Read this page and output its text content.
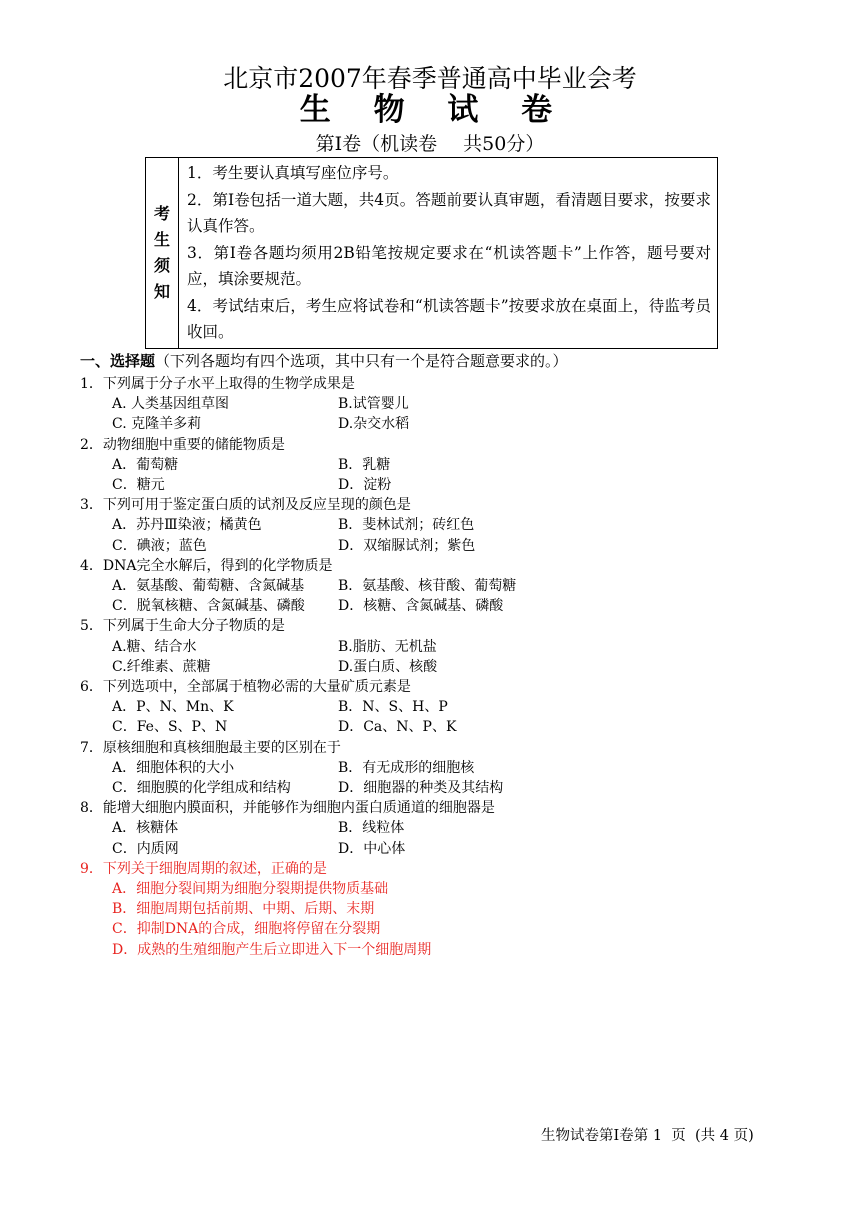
北京市2007年春季普通高中毕业会考
生 物 试 卷
第Ⅰ卷（机读卷 共50分）
考
生
须
知

1．考生要认真填写座位序号。

2．第Ⅰ卷包括一道大题，共4页。答题前要认真审题，看清题目要求，按要求认真作答。

3．第Ⅰ卷各题均须用2B铅笔按规定要求在“机读答题卡”上作答，题号要对应，填涂要规范。

4．考试结束后，考生应将试卷和“机读答题卡”按要求放在桌面上，待监考员收回。

一、选择题（下列各题均有四个选项，其中只有一个是符合题意要求的。）
1．下列属于分子水平上取得的生物学成果是
A. 人类基因组草图	B.试管婴儿
C. 克隆羊多莉	D.杂交水稻
2．动物细胞中重要的储能物质是
A．葡萄糖	B．乳糖
C．糖元	D．淀粉
3．下列可用于鉴定蛋白质的试剂及反应呈现的颜色是
A．苏丹Ⅲ染液；橘黄色	B．斐林试剂；砖红色
C．碘液；蓝色	D．双缩脲试剂；紫色
4．DNA完全水解后，得到的化学物质是
A．氨基酸、葡萄糖、含氮碱基	B．氨基酸、核苷酸、葡萄糖
C．脱氧核糖、含氮碱基、磷酸	D．核糖、含氮碱基、磷酸
5．下列属于生命大分子物质的是
A.糖、结合水	B.脂肪、无机盐
C.纤维素、蔗糖	D.蛋白质、核酸
6．下列选项中，全部属于植物必需的大量矿质元素是
A．P、N、Mn、K	B．N、S、H、P
C．Fe、S、P、N	D．Ca、N、P、K
7．原核细胞和真核细胞最主要的区别在于
A．细胞体积的大小	B．有无成形的细胞核
C．细胞膜的化学组成和结构	D．细胞器的种类及其结构
8．能增大细胞内膜面积，并能够作为细胞内蛋白质通道的细胞器是
A．核糖体	B．线粒体
C．内质网	D．中心体
9．下列关于细胞周期的叙述，正确的是
A．细胞分裂间期为细胞分裂期提供物质基础
B．细胞周期包括前期、中期、后期、末期
C．抑制DNA的合成，细胞将停留在分裂期
D．成熟的生殖细胞产生后立即进入下一个细胞周期
生物试卷第Ⅰ卷第 1  页  (共 4 页)
